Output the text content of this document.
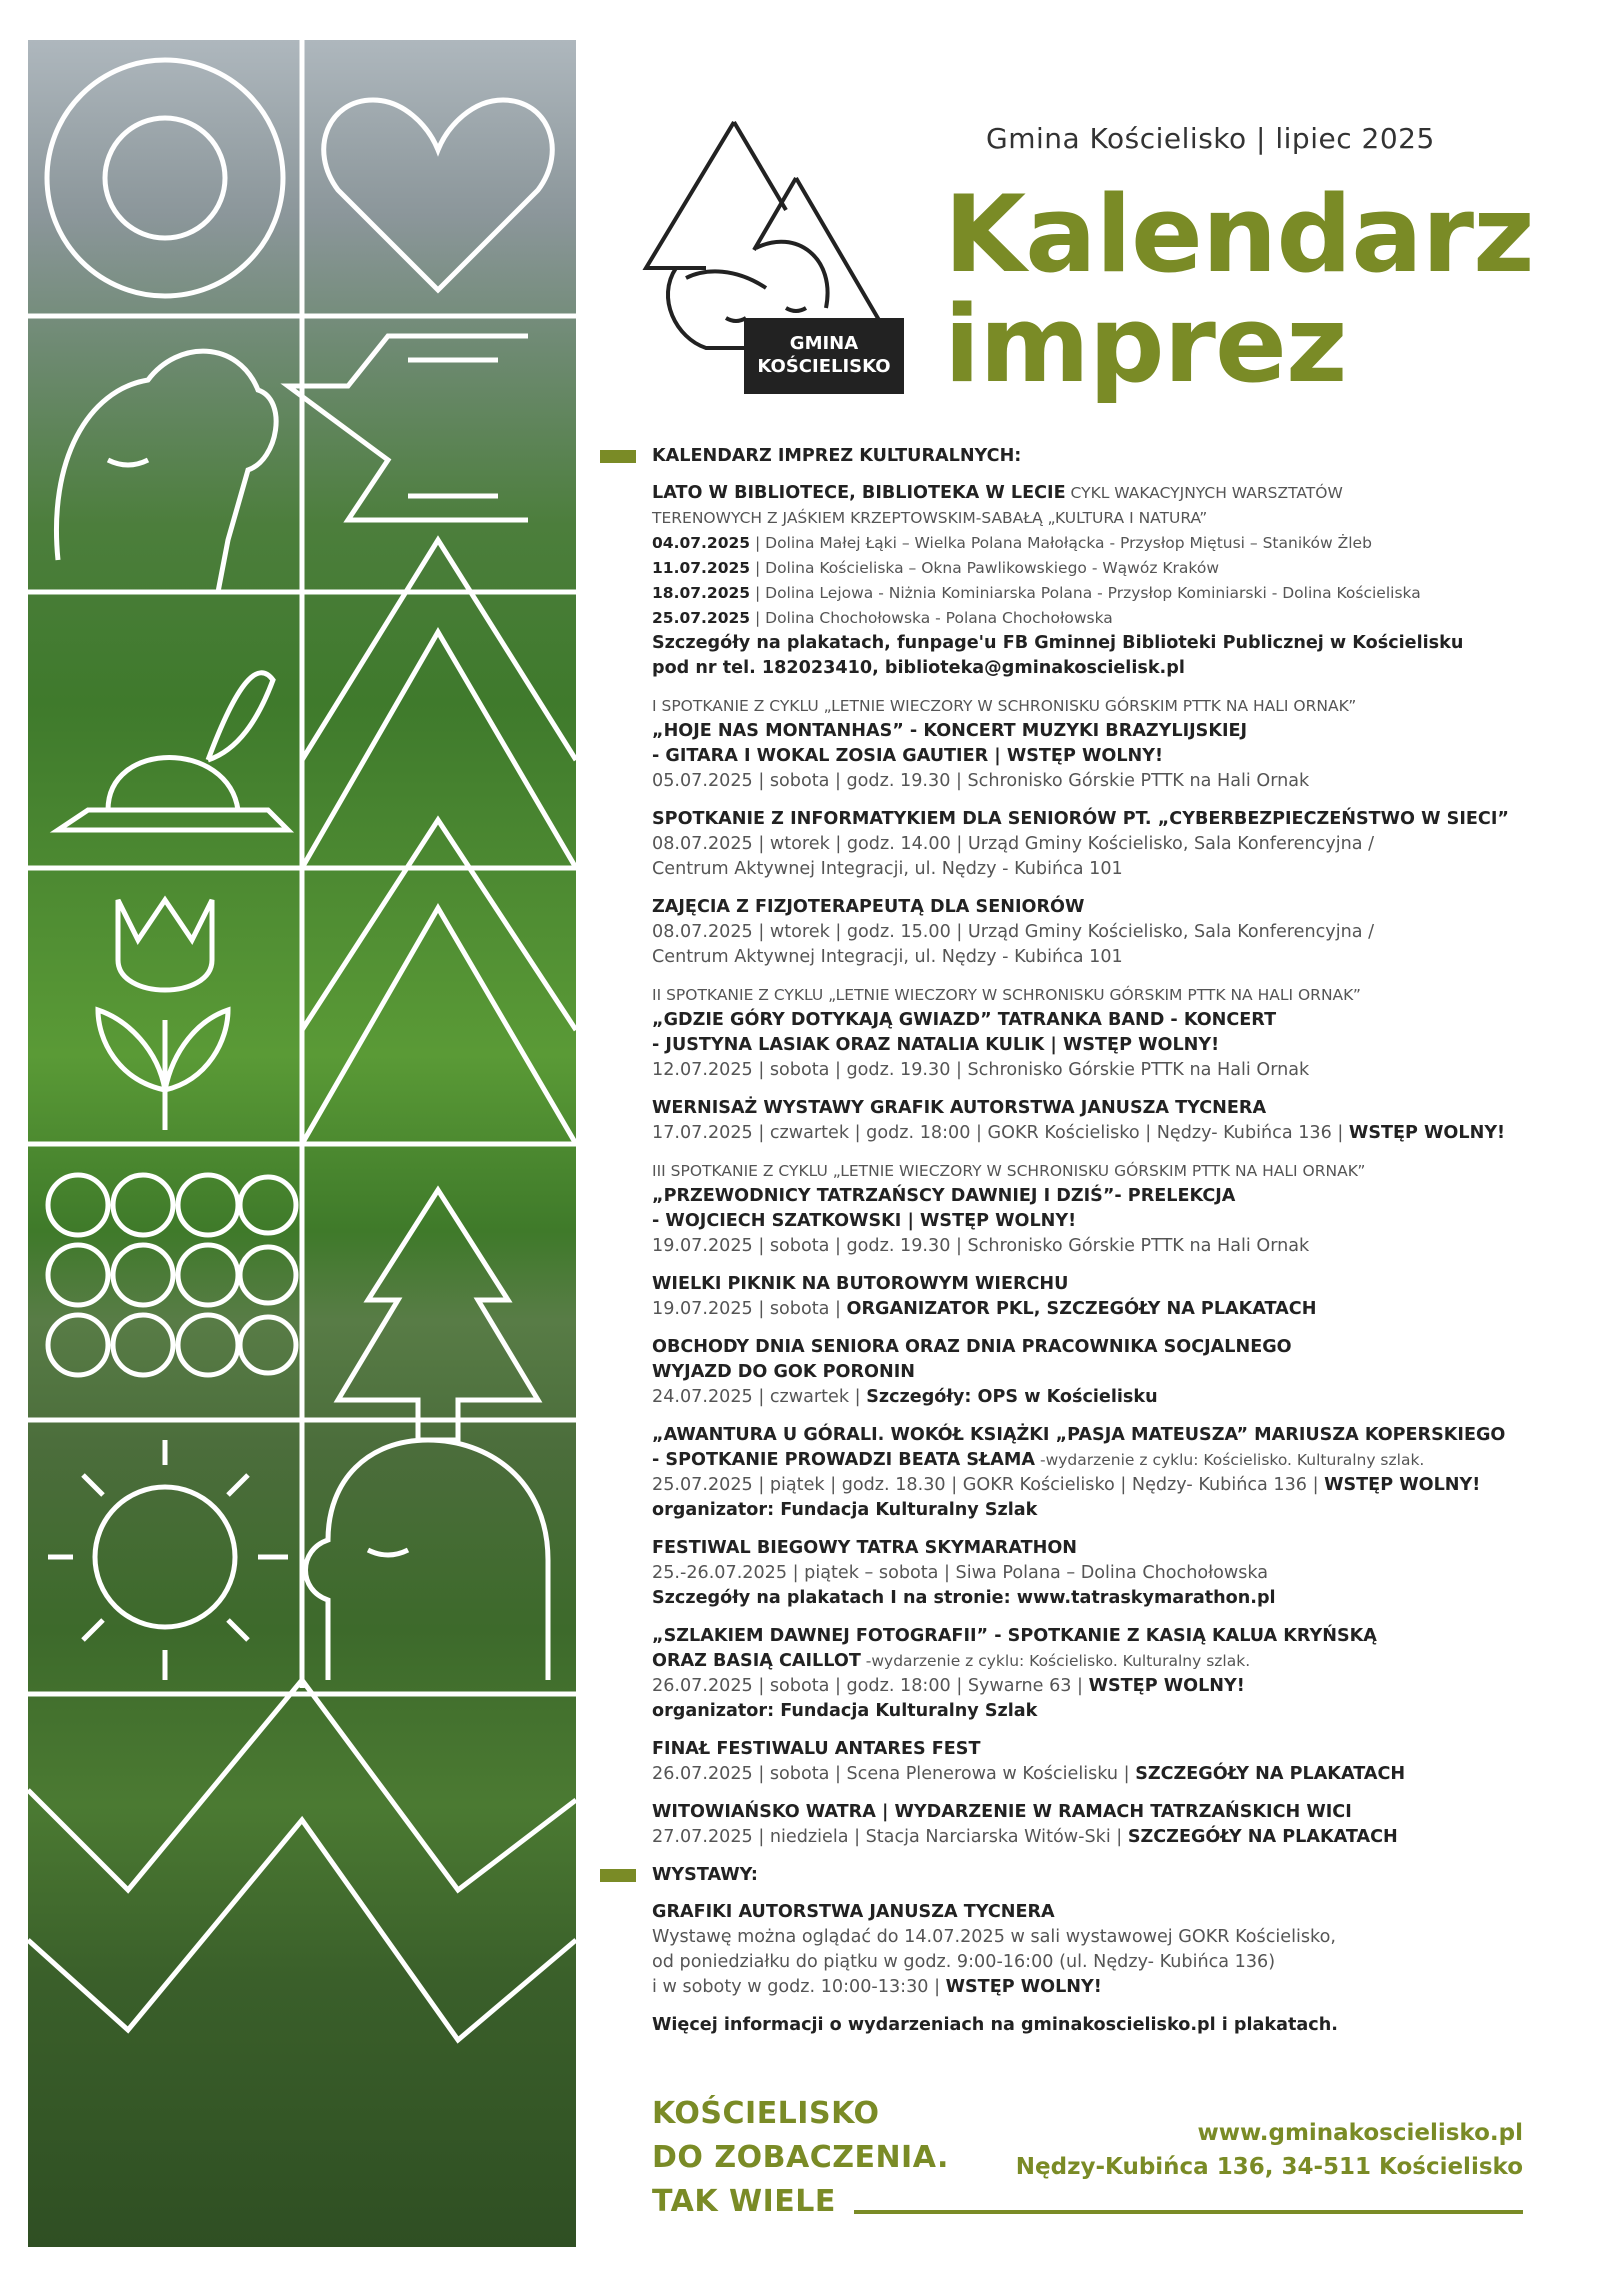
Gmina Kościelisko | lipiec 2025
GMINA
KOŚCIELISKO
Kalendarz
imprez
KALENDARZ IMPREZ KULTURALNYCH:
LATO W BIBLIOTECE, BIBLIOTEKA W LECIE CYKL WAKACYJNYCH WARSZTATÓW
TERENOWYCH Z JAŚKIEM KRZEPTOWSKIM-SABAŁĄ „KULTURA I NATURA”
04.07.2025 | Dolina Małej Łąki – Wielka Polana Małołącka - Przysłop Miętusi – Staników Żleb
11.07.2025 | Dolina Kościeliska – Okna Pawlikowskiego - Wąwóz Kraków
18.07.2025 | Dolina Lejowa - Niżnia Kominiarska Polana - Przysłop Kominiarski - Dolina Kościeliska
25.07.2025 | Dolina Chochołowska - Polana Chochołowska
Szczegóły na plakatach, funpage'u FB Gminnej Biblioteki Publicznej w Kościelisku
pod nr tel. 182023410, biblioteka@gminakoscielisk.pl
I SPOTKANIE Z CYKLU „LETNIE WIECZORY W SCHRONISKU GÓRSKIM PTTK NA HALI ORNAK”
„HOJE NAS MONTANHAS” - KONCERT MUZYKI BRAZYLIJSKIEJ
- GITARA I WOKAL ZOSIA GAUTIER | WSTĘP WOLNY!
05.07.2025 | sobota | godz. 19.30 | Schronisko Górskie PTTK na Hali Ornak
SPOTKANIE Z INFORMATYKIEM DLA SENIORÓW PT. „CYBERBEZPIECZEŃSTWO W SIECI”
08.07.2025 | wtorek | godz. 14.00 | Urząd Gminy Kościelisko, Sala Konferencyjna /
Centrum Aktywnej Integracji, ul. Nędzy - Kubińca 101
ZAJĘCIA Z FIZJOTERAPEUTĄ DLA SENIORÓW
08.07.2025 | wtorek | godz. 15.00 | Urząd Gminy Kościelisko, Sala Konferencyjna /
Centrum Aktywnej Integracji, ul. Nędzy - Kubińca 101
II SPOTKANIE Z CYKLU „LETNIE WIECZORY W SCHRONISKU GÓRSKIM PTTK NA HALI ORNAK”
„GDZIE GÓRY DOTYKAJĄ GWIAZD” TATRANKA BAND - KONCERT
- JUSTYNA LASIAK ORAZ NATALIA KULIK | WSTĘP WOLNY!
12.07.2025 | sobota | godz. 19.30 | Schronisko Górskie PTTK na Hali Ornak
WERNISAŻ WYSTAWY GRAFIK AUTORSTWA JANUSZA TYCNERA
17.07.2025 | czwartek | godz. 18:00 | GOKR Kościelisko | Nędzy- Kubińca 136 | WSTĘP WOLNY!
III SPOTKANIE Z CYKLU „LETNIE WIECZORY W SCHRONISKU GÓRSKIM PTTK NA HALI ORNAK”
„PRZEWODNICY TATRZAŃSCY DAWNIEJ I DZIŚ”- PRELEKCJA
- WOJCIECH SZATKOWSKI | WSTĘP WOLNY!
19.07.2025 | sobota | godz. 19.30 | Schronisko Górskie PTTK na Hali Ornak
WIELKI PIKNIK NA BUTOROWYM WIERCHU
19.07.2025 | sobota | ORGANIZATOR PKL, SZCZEGÓŁY NA PLAKATACH
OBCHODY DNIA SENIORA ORAZ DNIA PRACOWNIKA SOCJALNEGO
WYJAZD DO GOK PORONIN
24.07.2025 | czwartek | Szczegóły: OPS w Kościelisku
„AWANTURA U GÓRALI. WOKÓŁ KSIĄŻKI „PASJA MATEUSZA” MARIUSZA KOPERSKIEGO
- SPOTKANIE PROWADZI BEATA SŁAMA -wydarzenie z cyklu: Kościelisko. Kulturalny szlak.
25.07.2025 | piątek | godz. 18.30 | GOKR Kościelisko | Nędzy- Kubińca 136 | WSTĘP WOLNY!
organizator: Fundacja Kulturalny Szlak
FESTIWAL BIEGOWY TATRA SKYMARATHON
25.-26.07.2025 | piątek – sobota | Siwa Polana – Dolina Chochołowska
Szczegóły na plakatach I na stronie: www.tatraskymarathon.pl
„SZLAKIEM DAWNEJ FOTOGRAFII” - SPOTKANIE Z KASIĄ KALUA KRYŃSKĄ
ORAZ BASIĄ CAILLOT -wydarzenie z cyklu: Kościelisko. Kulturalny szlak.
26.07.2025 | sobota | godz. 18:00 | Sywarne 63 | WSTĘP WOLNY!
organizator: Fundacja Kulturalny Szlak
FINAŁ FESTIWALU ANTARES FEST
26.07.2025 | sobota | Scena Plenerowa w Kościelisku | SZCZEGÓŁY NA PLAKATACH
WITOWIAŃSKO WATRA | WYDARZENIE W RAMACH TATRZAŃSKICH WICI
27.07.2025 | niedziela | Stacja Narciarska Witów-Ski | SZCZEGÓŁY NA PLAKATACH
WYSTAWY:
GRAFIKI AUTORSTWA JANUSZA TYCNERA
Wystawę można oglądać do 14.07.2025 w sali wystawowej GOKR Kościelisko,
od poniedziałku do piątku w godz. 9:00-16:00 (ul. Nędzy- Kubińca 136)
i w soboty w godz. 10:00-13:30 | WSTĘP WOLNY!
Więcej informacji o wydarzeniach na gminakoscielisko.pl i plakatach.
KOŚCIELISKO
DO ZOBACZENIA.
TAK WIELE
www.gminakoscielisko.pl
Nędzy-Kubińca 136, 34-511 Kościelisko
